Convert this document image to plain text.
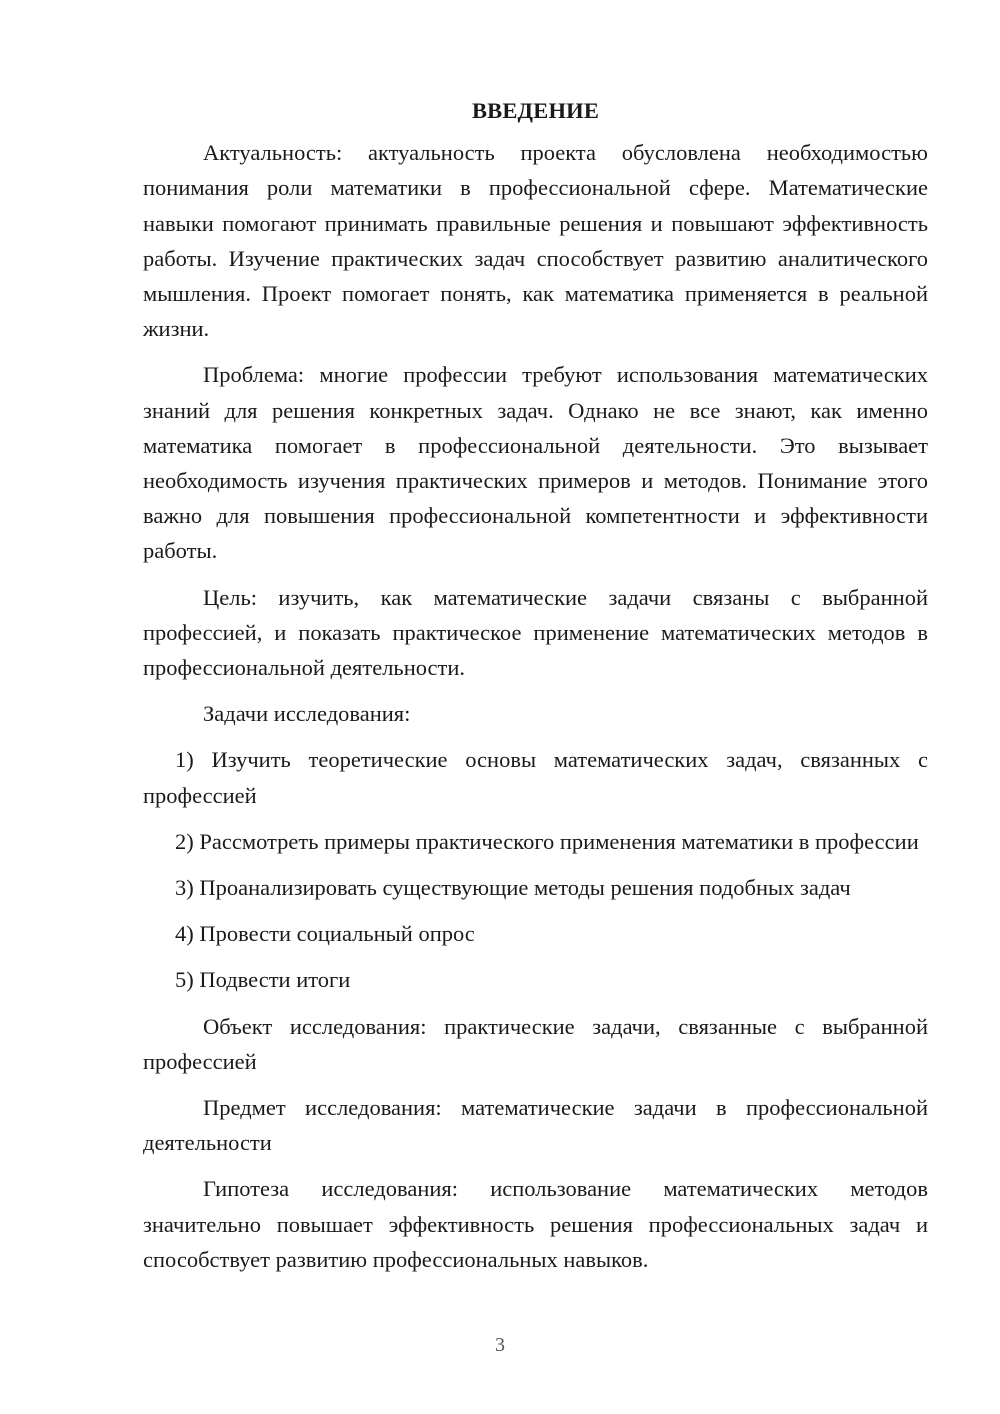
ВВЕДЕНИЕ

Актуальность: актуальность проекта обусловлена необходимостью понимания роли математики в профессиональной сфере. Математические навыки помогают принимать правильные решения и повышают эффективность работы. Изучение практических задач способствует развитию аналитического мышления. Проект помогает понять, как математика применяется в реальной жизни.

Проблема: многие профессии требуют использования математических знаний для решения конкретных задач. Однако не все знают, как именно математика помогает в профессиональной деятельности. Это вызывает необходимость изучения практических примеров и методов. Понимание этого важно для повышения профессиональной компетентности и эффективности работы.

Цель: изучить, как математические задачи связаны с выбранной профессией, и показать практическое применение математических методов в профессиональной деятельности.

Задачи исследования:

1) Изучить теоретические основы математических задач, связанных с профессией

2) Рассмотреть примеры практического применения математики в профессии

3) Проанализировать существующие методы решения подобных задач

4) Провести социальный опрос

5) Подвести итоги

Объект исследования: практические задачи, связанные с выбранной профессией

Предмет исследования: математические задачи в профессиональной деятельности

Гипотеза исследования: использование математических методов значительно повышает эффективность решения профессиональных задач и способствует развитию профессиональных навыков.

3
